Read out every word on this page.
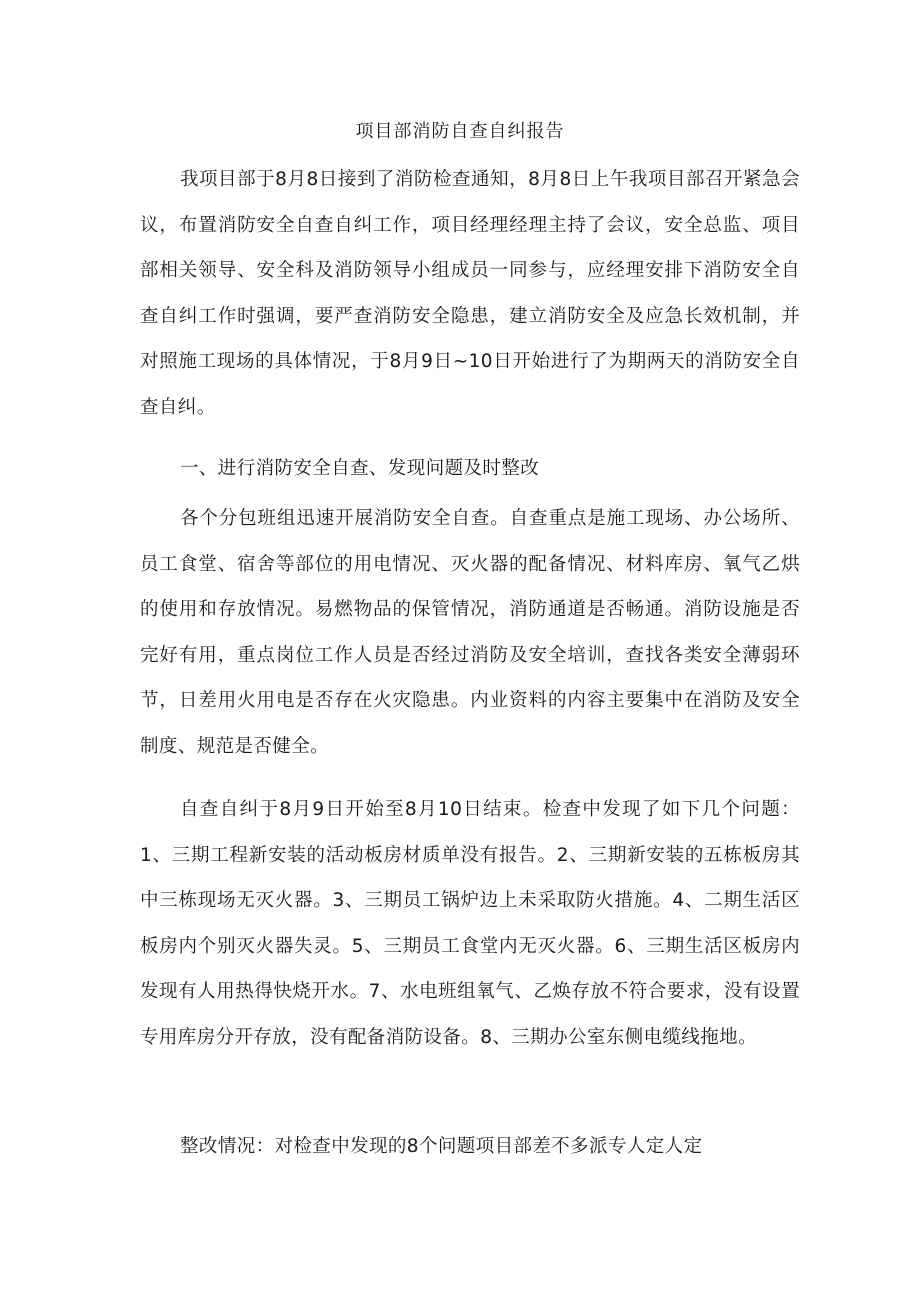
项目部消防自查自纠报告

我项目部于8月8日接到了消防检查通知，8月8日上午我项目部召开紧急会议，布置消防安全自查自纠工作，项目经理经理主持了会议，安全总监、项目部相关领导、安全科及消防领导小组成员一同参与，应经理安排下消防安全自查自纠工作时强调，要严查消防安全隐患，建立消防安全及应急长效机制，并对照施工现场的具体情况，于8月9日~10日开始进行了为期两天的消防安全自查自纠。

一、进行消防安全自查、发现问题及时整改

各个分包班组迅速开展消防安全自查。自查重点是施工现场、办公场所、员工食堂、宿舍等部位的用电情况、灭火器的配备情况、材料库房、氧气乙烘的使用和存放情况。易燃物品的保管情况，消防通道是否畅通。消防设施是否完好有用，重点岗位工作人员是否经过消防及安全培训，查找各类安全薄弱环节，日差用火用电是否存在火灾隐患。内业资料的内容主要集中在消防及安全制度、规范是否健全。

自查自纠于8月9日开始至8月10日结束。检查中发现了如下几个问题：1、三期工程新安装的活动板房材质单没有报告。2、三期新安装的五栋板房其中三栋现场无灭火器。3、三期员工锅炉边上未采取防火措施。4、二期生活区板房内个别灭火器失灵。5、三期员工食堂内无灭火器。6、三期生活区板房内发现有人用热得快烧开水。7、水电班组氧气、乙焕存放不符合要求，没有设置专用库房分开存放，没有配备消防设备。8、三期办公室东侧电缆线拖地。

整改情况：对检查中发现的8个问题项目部差不多派专人定人定
